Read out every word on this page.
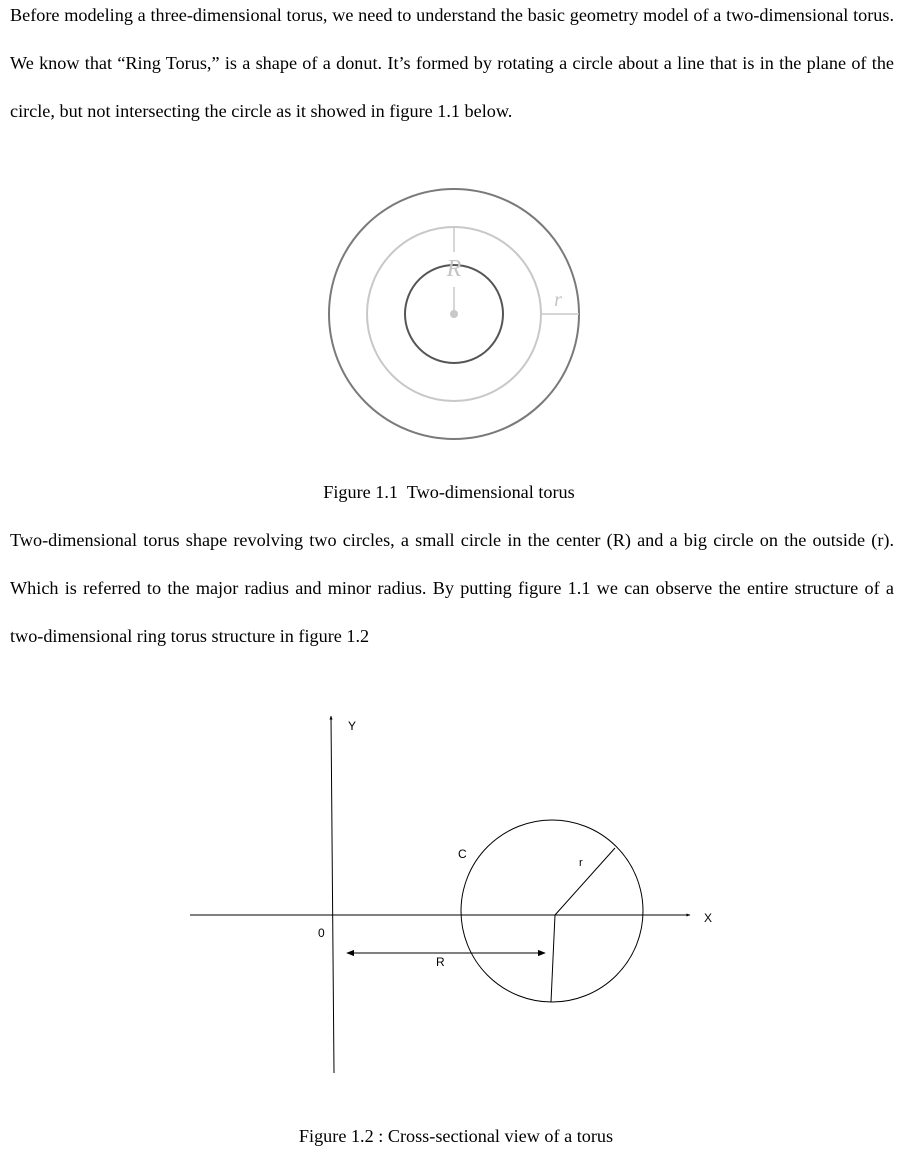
Before modeling a three-dimensional torus, we need to understand the basic geometry model of a two-dimensional torus. We know that “Ring Torus,” is a shape of a donut. It’s formed by rotating a circle about a line that is in the plane of the circle, but not intersecting the circle as it showed in figure 1.1 below.

R
r
Figure 1.1  Two-dimensional torus

Two-dimensional torus shape revolving two circles, a small circle in the center (R) and a big circle on the outside (r). Which is referred to the major radius and minor radius. By putting figure 1.1 we can observe the entire structure of a two-dimensional ring torus structure in figure 1.2

Y
X
0
C
r
R
Figure 1.2 : Cross-sectional view of a torus
